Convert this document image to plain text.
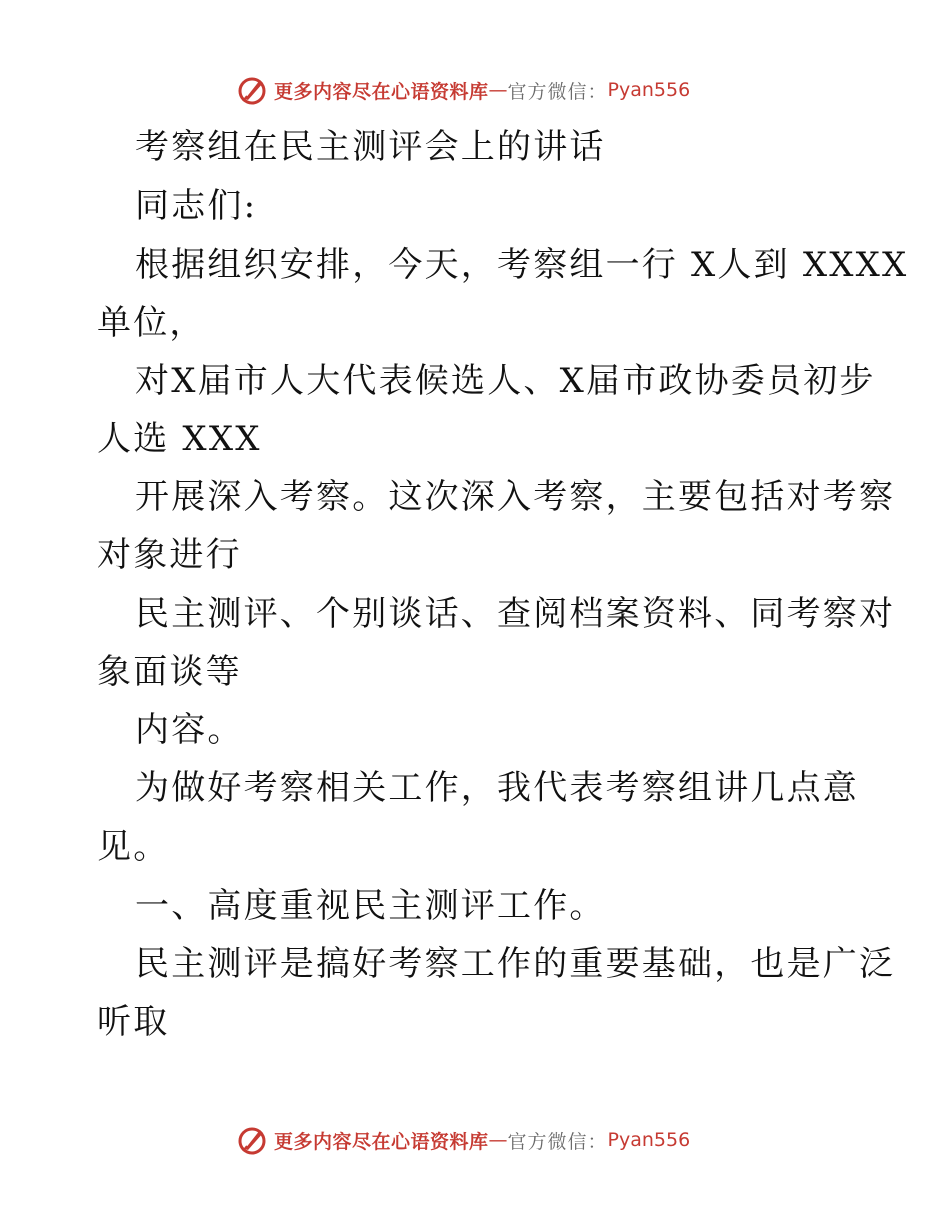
更多内容尽在心语资料库 — 官方微信： Pyan556
考察组在民主测评会上的讲话
同志们:
根据组织安排，今天，考察组一行 X人到 XXXX
单位，
对X届市人大代表候选人、X届市政协委员初步
人选 XXX
开展深入考察。这次深入考察，主要包括对考察
对象进行
民主测评、个别谈话、查阅档案资料、同考察对
象面谈等
内容。
为做好考察相关工作，我代表考察组讲几点意
见。
一、高度重视民主测评工作。
民主测评是搞好考察工作的重要基础，也是广泛
听取
更多内容尽在心语资料库 — 官方微信： Pyan556
